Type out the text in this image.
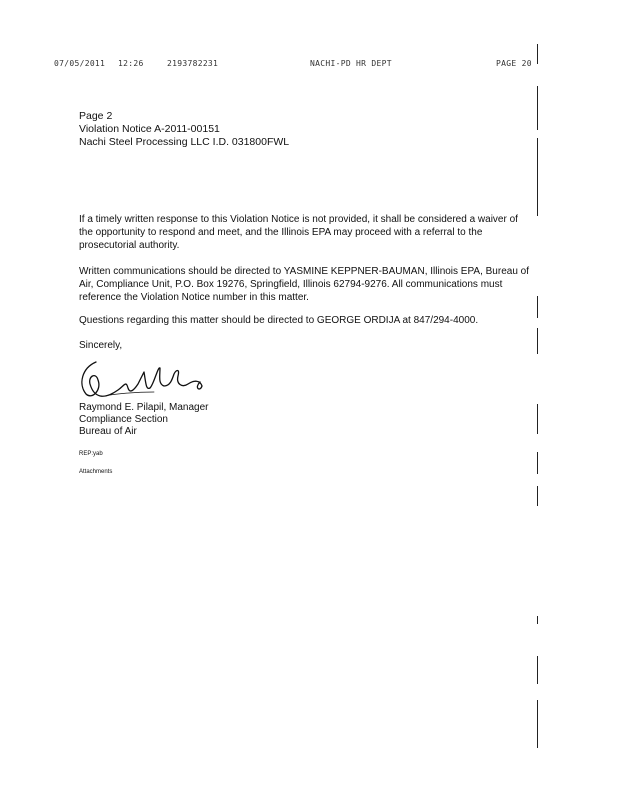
07/05/2011 12:26	2193782231	NACHI-PD HR DEPT	PAGE 20
Page 2
Violation Notice A-2011-00151
Nachi Steel Processing LLC I.D. 031800FWL

If a timely written response to this Violation Notice is not provided, it shall be considered a waiver of the opportunity to respond and meet, and the Illinois EPA may proceed with a referral to the prosecutorial authority.

Written communications should be directed to YASMINE KEPPNER-BAUMAN, Illinois EPA, Bureau of Air, Compliance Unit, P.O. Box 19276, Springfield, Illinois 62794-9276. All communications must reference the Violation Notice number in this matter.

Questions regarding this matter should be directed to GEORGE ORDIJA at 847/294-4000.

Sincerely,
Raymond E. Pilapil, Manager
Compliance Section
Bureau of Air
REP:yab
Attachments
